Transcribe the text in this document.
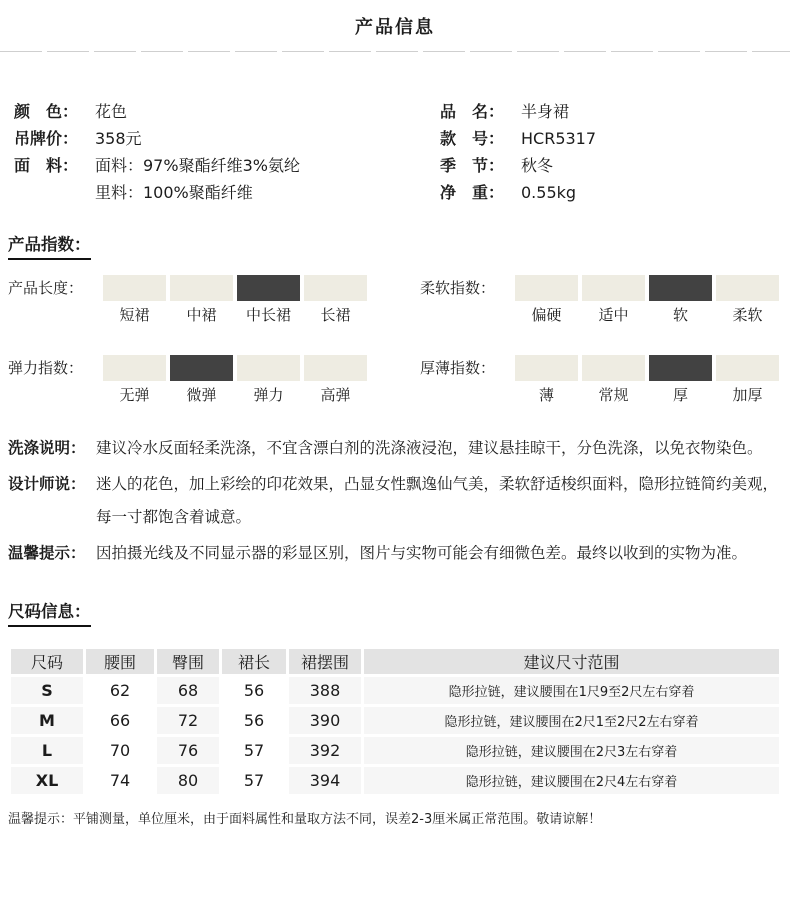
产品信息
颜　色： 花色
吊牌价： 358元
面　料： 面料：97%聚酯纤维3%氨纶
里料：100%聚酯纤维
品　名： 半身裙
款　号： HCR5317
季　节： 秋冬
净　重： 0.55kg
产品指数：
产品长度：
短裙	中裙	中长裙	长裙
柔软指数：
偏硬	适中	软	柔软
弹力指数：
无弹	微弹	弹力	高弹
厚薄指数：
薄	常规	厚	加厚
洗涤说明： 建议冷水反面轻柔洗涤，不宜含漂白剂的洗涤液浸泡，建议悬挂晾干，分色洗涤，以免衣物染色。
设计师说： 迷人的花色，加上彩绘的印花效果，凸显女性飘逸仙气美，柔软舒适梭织面料，隐形拉链简约美观，每一寸都饱含着诚意。
温馨提示： 因拍摄光线及不同显示器的彩显区别，图片与实物可能会有细微色差。最终以收到的实物为准。
尺码信息：
尺码	腰围	臀围	裙长	裙摆围	建议尺寸范围
S	62	68	56	388	隐形拉链，建议腰围在1尺9至2尺左右穿着
M	66	72	56	390	隐形拉链，建议腰围在2尺1至2尺2左右穿着
L	70	76	57	392	隐形拉链，建议腰围在2尺3左右穿着
XL	74	80	57	394	隐形拉链，建议腰围在2尺4左右穿着
温馨提示：平铺测量，单位厘米，由于面料属性和量取方法不同，误差2-3厘米属正常范围。敬请谅解！
